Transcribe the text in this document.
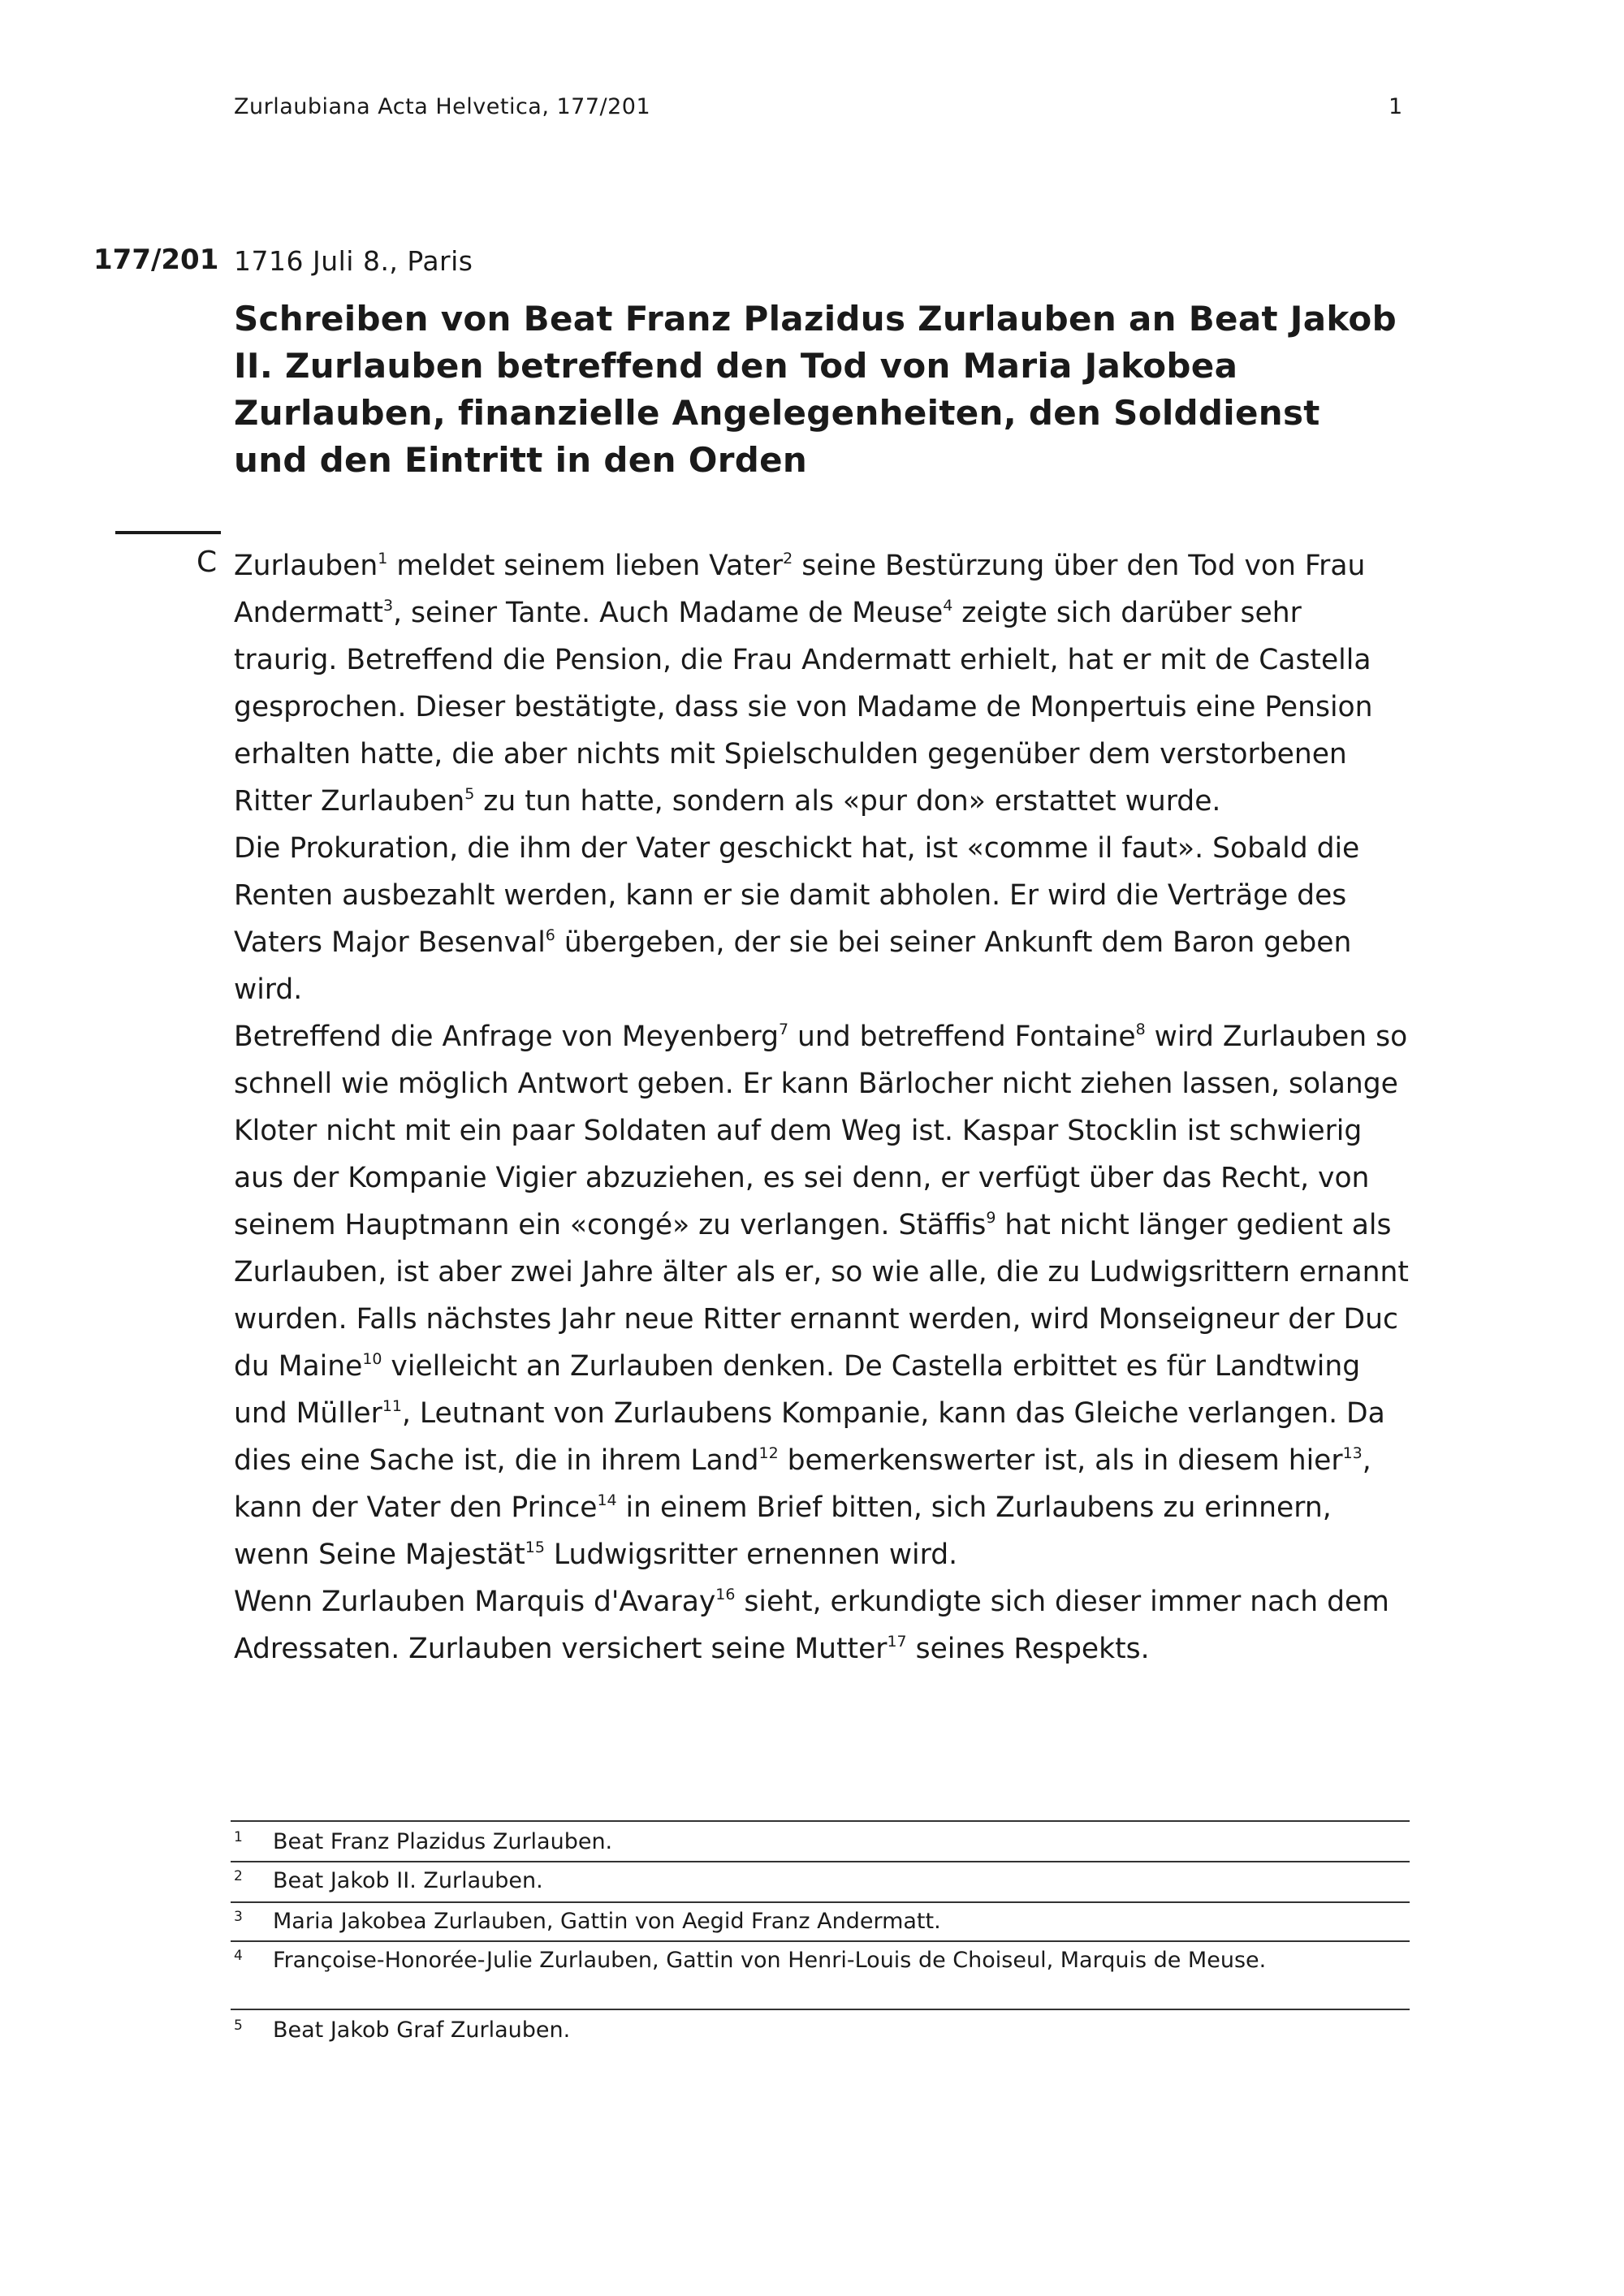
Zurlaubiana Acta Helvetica, 177/201	1
177/201 1716 Juli 8., Paris
Schreiben von Beat Franz Plazidus Zurlauben an Beat Jakob II. Zurlauben betreffend den Tod von Maria Jakobea Zurlauben, finanzielle Angelegenheiten, den Solddienst und den Eintritt in den Orden
C Zurlauben$^1$ meldet seinem lieben Vater$^2$ seine Bestürzung über den Tod von Frau Andermatt$^3$, seiner Tante. Auch Madame de Meuse$^4$ zeigte sich darüber sehr traurig. Betreffend die Pension, die Frau Andermatt erhielt, hat er mit de Castella gesprochen. Dieser bestätigte, dass sie von Madame de Monpertuis eine Pension erhalten hatte, die aber nichts mit Spielschulden gegenüber dem verstorbenen Ritter Zurlauben$^5$ zu tun hatte, sondern als «pur don» erstattet wurde.

Die Prokuration, die ihm der Vater geschickt hat, ist «comme il faut». Sobald die Renten ausbezahlt werden, kann er sie damit abholen. Er wird die Verträge des Vaters Major Besenval$^6$ übergeben, der sie bei seiner Ankunft dem Baron geben wird.

Betreffend die Anfrage von Meyenberg$^7$ und betreffend Fontaine$^8$ wird Zurlauben so schnell wie möglich Antwort geben. Er kann Bärlocher nicht ziehen lassen, solange Kloter nicht mit ein paar Soldaten auf dem Weg ist. Kaspar Stocklin ist schwierig aus der Kompanie Vigier abzuziehen, es sei denn, er verfügt über das Recht, von seinem Hauptmann ein «congé» zu verlangen. Stäffis$^9$ hat nicht länger gedient als Zurlauben, ist aber zwei Jahre älter als er, so wie alle, die zu Ludwigsrittern ernannt wurden. Falls nächstes Jahr neue Ritter ernannt werden, wird Monseigneur der Duc du Maine$^{10}$ vielleicht an Zurlauben denken. De Castella erbittet es für Landtwing und Müller$^{11}$, Leutnant von Zurlaubens Kompanie, kann das Gleiche verlangen. Da dies eine Sache ist, die in ihrem Land$^{12}$ bemerkenswerter ist, als in diesem hier$^{13}$, kann der Vater den Prince$^{14}$ in einem Brief bitten, sich Zurlaubens zu erinnern, wenn Seine Majestät$^{15}$ Ludwigsritter ernennen wird.

Wenn Zurlauben Marquis d'Avaray$^{16}$ sieht, erkundigte sich dieser immer nach dem Adressaten. Zurlauben versichert seine Mutter$^{17}$ seines Respekts.

1 Beat Franz Plazidus Zurlauben.
2 Beat Jakob II. Zurlauben.
3 Maria Jakobea Zurlauben, Gattin von Aegid Franz Andermatt.
4 Françoise-Honorée-Julie Zurlauben, Gattin von Henri-Louis de Choiseul, Marquis de Meuse.
5 Beat Jakob Graf Zurlauben.
